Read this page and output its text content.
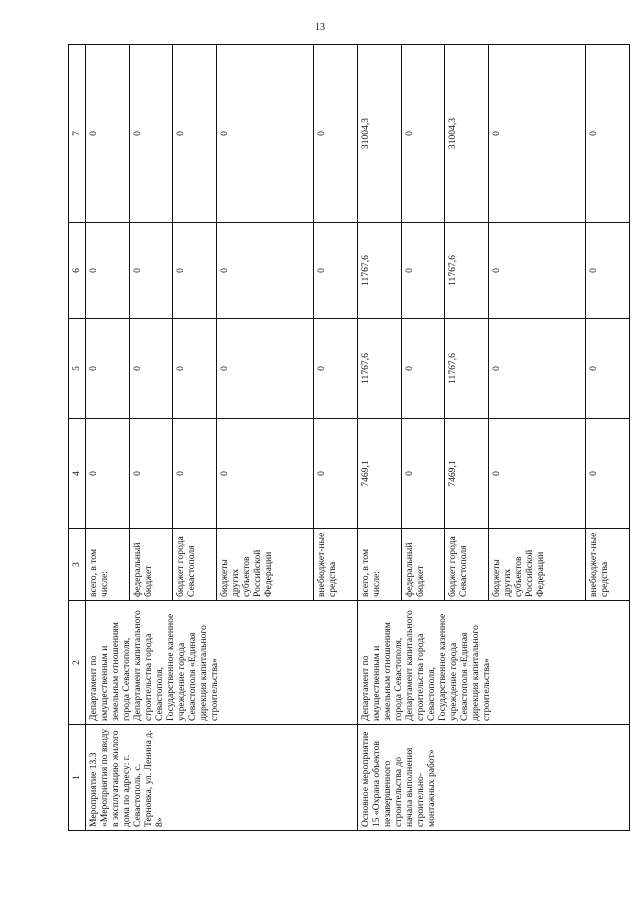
13
1	2	3	4	5	6	7
Мероприятие 13.3 «Мероприятия по вводу в эксплуатацию жилого дома по адресу: г. Севастополь, с. Терновка, ул. Ленина д. 8»	Департамент по имущественным и земельным отношениям города Севастополя, Департамент капитального строительства города Севастополя, Государственное казенное учреждение города Севастополя «Единая дирекция капитального строительства»	всего, в том числе:	0	0	0	0
		федеральный бюджет	0	0	0	0
		бюджет города Севастополя	0	0	0	0
		бюджеты других субъектов Российской Федерации	0	0	0	0
		внебюджет-ные средства	0	0	0	0
Основное мероприятие 15 «Охрана объектов незавершенного строительства до начала выполнения строительно-монтажных работ»	Департамент по имущественным и земельным отношениям города Севастополя, Департамент капитального строительства города Севастополя, Государственное казенное учреждение города Севастополя «Единая дирекция капитального строительства»	всего, в том числе:	7469,1	11767,6	11767,6	31004,3
		федеральный бюджет	0	0	0	0
		бюджет города Севастополя	7469,1	11767,6	11767,6	31004,3
		бюджеты других субъектов Российской Федерации	0	0	0	0
		внебюджет-ные средства	0	0	0	0
